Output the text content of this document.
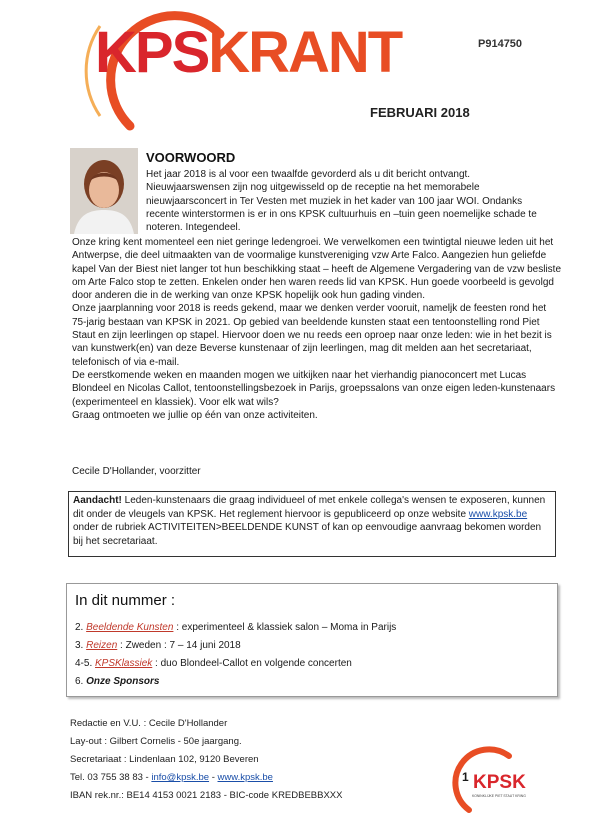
KPSKRANT	P914750
FEBRUARI 2018
VOORWOORD

Het jaar 2018 is al voor een twaalfde gevorderd als u dit bericht ontvangt. Nieuwjaarswensen zijn nog uitgewisseld op de receptie na het memorabele nieuwjaarsconcert in Ter Vesten met muziek in het kader van 100 jaar WOI. Ondanks recente winterstormen is er in ons KPSK cultuurhuis en –tuin geen noemelijke schade te noteren. Integendeel.

Onze kring kent momenteel een niet geringe ledengroei. We verwelkomen een twintigtal nieuwe leden uit het Antwerpse, die deel uitmaakten van de voormalige kunstvereniging vzw Arte Falco. Aangezien hun geliefde kapel Van der Biest niet langer tot hun beschikking staat – heeft de Algemene Vergadering van de vzw besliste om Arte Falco stop te zetten. Enkelen onder hen waren reeds lid van KPSK. Hun goede voorbeeld is gevolgd door anderen die in de werking van onze KPSK hopelijk ook hun gading vinden.

Onze jaarplanning voor 2018 is reeds gekend, maar we denken verder vooruit, nameljk de feesten rond het 75-jarig bestaan van KPSK in 2021. Op gebied van beeldende kunsten staat een tentoonstelling rond Piet Staut en zijn leerlingen op stapel. Hiervoor doen we nu reeds een oproep naar onze leden: wie in het bezit is van kunstwerk(en) van deze Beverse kunstenaar of zijn leerlingen, mag dit melden aan het secretariaat, telefonisch of via e-mail.

De eerstkomende weken en maanden mogen we uitkijken naar het vierhandig pianoconcert met Lucas Blondeel en Nicolas Callot, tentoonstellingsbezoek in Parijs, groepssalons van onze eigen leden-kunstenaars (experimenteel en klassiek). Voor elk wat wils?

Graag ontmoeten we jullie op één van onze activiteiten.

Cecile D'Hollander, voorzitter
Aandacht! Leden-kunstenaars die graag individueel of met enkele collega's wensen te exposeren, kunnen dit onder de vleugels van KPSK. Het reglement hiervoor is gepubliceerd op onze website www.kpsk.be onder de rubriek ACTIVITEITEN>BEELDENDE KUNST of kan op eenvoudige aanvraag bekomen worden bij het secretariaat.
In dit nummer :
2. Beeldende Kunsten : experimenteel & klassiek salon – Moma in Parijs
3. Reizen : Zweden : 7 – 14 juni 2018
4-5. KPSKlassiek : duo Blondeel-Callot en volgende concerten
6. Onze Sponsors
Redactie en V.U. : Cecile D'Hollander
Lay-out : Gilbert Cornelis - 50e jaargang.
Secretariaat : Lindenlaan 102, 9120 Beveren
Tel. 03 755 38 83 - info@kpsk.be - www.kpsk.be
IBAN rek.nr.: BE14 4153 0021 2183 - BIC-code KREDBEBBXXX
KPSK
KONINKLIJKE PIET STAUT KRING
1
